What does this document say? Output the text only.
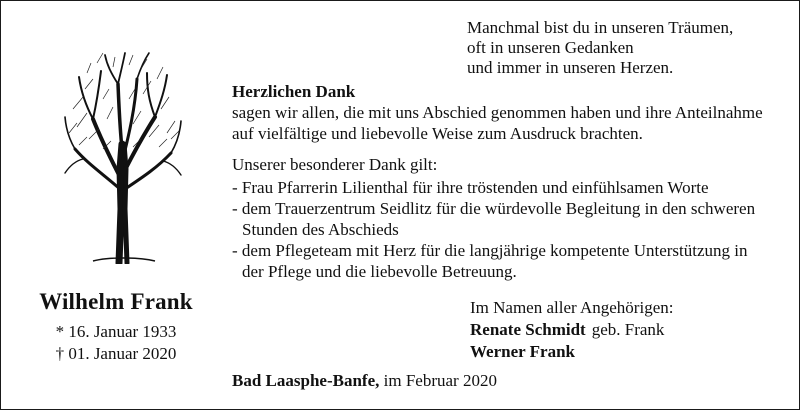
Manchmal bist du in unseren Träumen,
oft in unseren Gedanken
und immer in unseren Herzen.
Wilhelm Frank
* 16. Januar 1933
† 01. Januar 2020
Herzlichen Dank

sagen wir allen, die mit uns Abschied genommen haben und ihre Anteilnahme auf vielfältige und liebevolle Weise zum Ausdruck brachten.

Unserer besonderer Dank gilt:
- Frau Pfarrerin Lilienthal für ihre tröstenden und einfühlsamen Worte
- dem Trauerzentrum Seidlitz für die würdevolle Begleitung in den schweren Stunden des Abschieds
- dem Pflegeteam mit Herz für die langjährige kompetente Unterstützung in der Pflege und die liebevolle Betreuung.
Im Namen aller Angehörigen:
Renate Schmidt geb. Frank
Werner Frank
Bad Laasphe-Banfe, im Februar 2020
